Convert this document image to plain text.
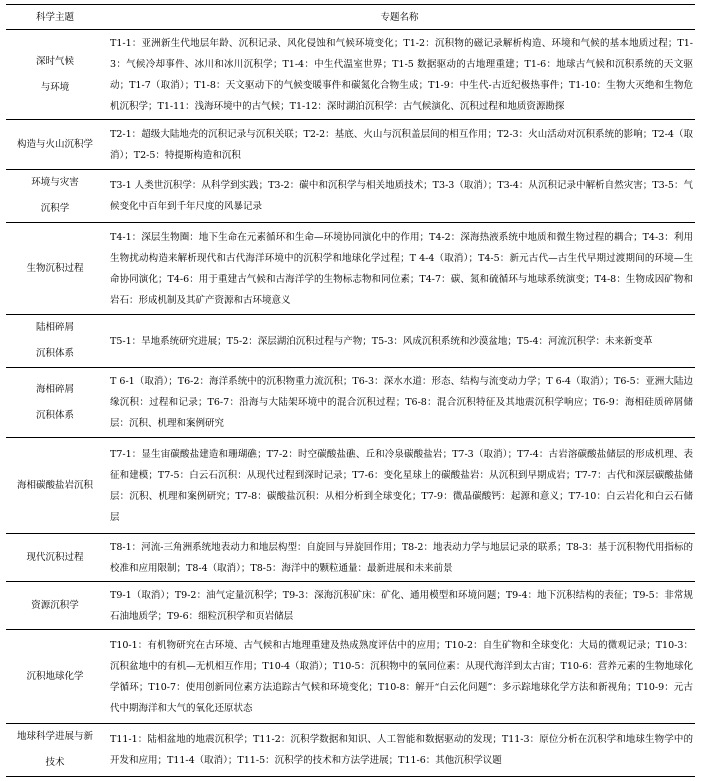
科学主题	专题名称
深时气候
与环境	T1-1：亚洲新生代地层年龄、沉积记录、风化侵蚀和气候环境变化；T1-2：沉积物的磁记录解析构造、环境和气候的基本地质过程；T1-3：气候冷却事件、冰川和冰川沉积学；T1-4：中生代温室世界；T1-5 数据驱动的古地理重建；T1-6：地球古气候和沉积系统的天文驱动；T1-7（取消）；T1-8：天文驱动下的气候变暖事件和碳氮化合物生成；T1-9：中生代-古近纪极热事件；T1-10：生物大灭绝和生物危机沉积学；T1-11：浅海环境中的古气候；T1-12：深时湖泊沉积学：古气候演化、沉积过程和地质资源勘探
构造与火山沉积学	T2-1：超级大陆地壳的沉积记录与沉积关联；T2-2：基底、火山与沉积盖层间的相互作用；T2-3：火山活动对沉积系统的影响；T2-4（取消）；T2-5：特提斯构造和沉积
环境与灾害
沉积学	T3-1 人类世沉积学：从科学到实践；T3-2：碳中和沉积学与相关地质技术；T3-3（取消）；T3-4：从沉积记录中解析自然灾害；T3-5：气候变化中百年到千年尺度的风暴记录
生物沉积过程	T4-1：深层生物圈：地下生命在元素循环和生命—环境协同演化中的作用；T4-2：深海热液系统中地质和微生物过程的耦合；T4-3：利用生物扰动构造来解析现代和古代海洋环境中的沉积学和地球化学过程；T 4-4（取消）；T4-5：新元古代—古生代早期过渡期间的环境—生命协同演化；T4-6：用于重建古气候和古海洋学的生物标志物和同位素；T4-7：碳、氮和硫循环与地球系统演变；T4-8：生物成因矿物和岩石：形成机制及其矿产资源和古环境意义
陆相碎屑
沉积体系	T5-1：旱地系统研究进展；T5-2：深层湖泊沉积过程与产物；T5-3：风成沉积系统和沙漠盆地；T5-4：河流沉积学：未来新变革
海相碎屑
沉积体系	T 6-1（取消）；T6-2：海洋系统中的沉积物重力流沉积；T6-3：深水水道：形态、结构与流变动力学；T 6-4（取消）；T6-5：亚洲大陆边缘沉积：过程和记录；T6-7：沿海与大陆架环境中的混合沉积过程；T6-8：混合沉积特征及其地震沉积学响应；T6-9：海相硅质碎屑储层：沉积、机理和案例研究
海相碳酸盐岩沉积	T7-1：显生宙碳酸盐建造和珊瑚礁；T7-2：时空碳酸盐礁、丘和冷泉碳酸盐岩；T7-3（取消）；T7-4：古岩溶碳酸盐储层的形成机理、表征和建模；T7-5：白云石沉积：从现代过程到深时记录；T7-6：变化星球上的碳酸盐岩：从沉积到早期成岩；T7-7：古代和深层碳酸盐储层：沉积、机理和案例研究；T7-8：碳酸盐沉积：从相分析到全球变化；T7-9：微晶碳酸钙：起源和意义；T7-10：白云岩化和白云石储层
现代沉积过程	T8-1：河流-三角洲系统地表动力和地层构型：自旋回与异旋回作用；T8-2：地表动力学与地层记录的联系；T8-3：基于沉积物代用指标的校准和应用限制；T8-4（取消）；T8-5：海洋中的颗粒通量：最新进展和未来前景
资源沉积学	T9-1（取消）；T9-2：油气定量沉积学；T9-3：深海沉积矿床：矿化、通用模型和环境问题；T9-4：地下沉积结构的表征；T9-5：非常规石油地质学；T9-6：细粒沉积学和页岩储层
沉积地球化学	T10-1：有机物研究在古环境、古气候和古地理重建及热成熟度评估中的应用；T10-2：自生矿物和全球变化：大局的微观记录；T10-3：沉积盆地中的有机—无机相互作用；T10-4（取消）；T10-5：沉积物中的氧同位素：从现代海洋到太古宙；T10-6：营养元素的生物地球化学循环；T10-7：使用创新同位素方法追踪古气候和环境变化；T10-8：解开“白云化问题”：多示踪地球化学方法和新视角；T10-9：元古代中期海洋和大气的氧化还原状态
地球科学进展与新
技术	T11-1：陆相盆地的地震沉积学；T11-2：沉积学数据和知识、人工智能和数据驱动的发现；T11-3：原位分析在沉积学和地球生物学中的开发和应用；T11-4（取消）；T11-5：沉积学的技术和方法学进展；T11-6：其他沉积学议题
